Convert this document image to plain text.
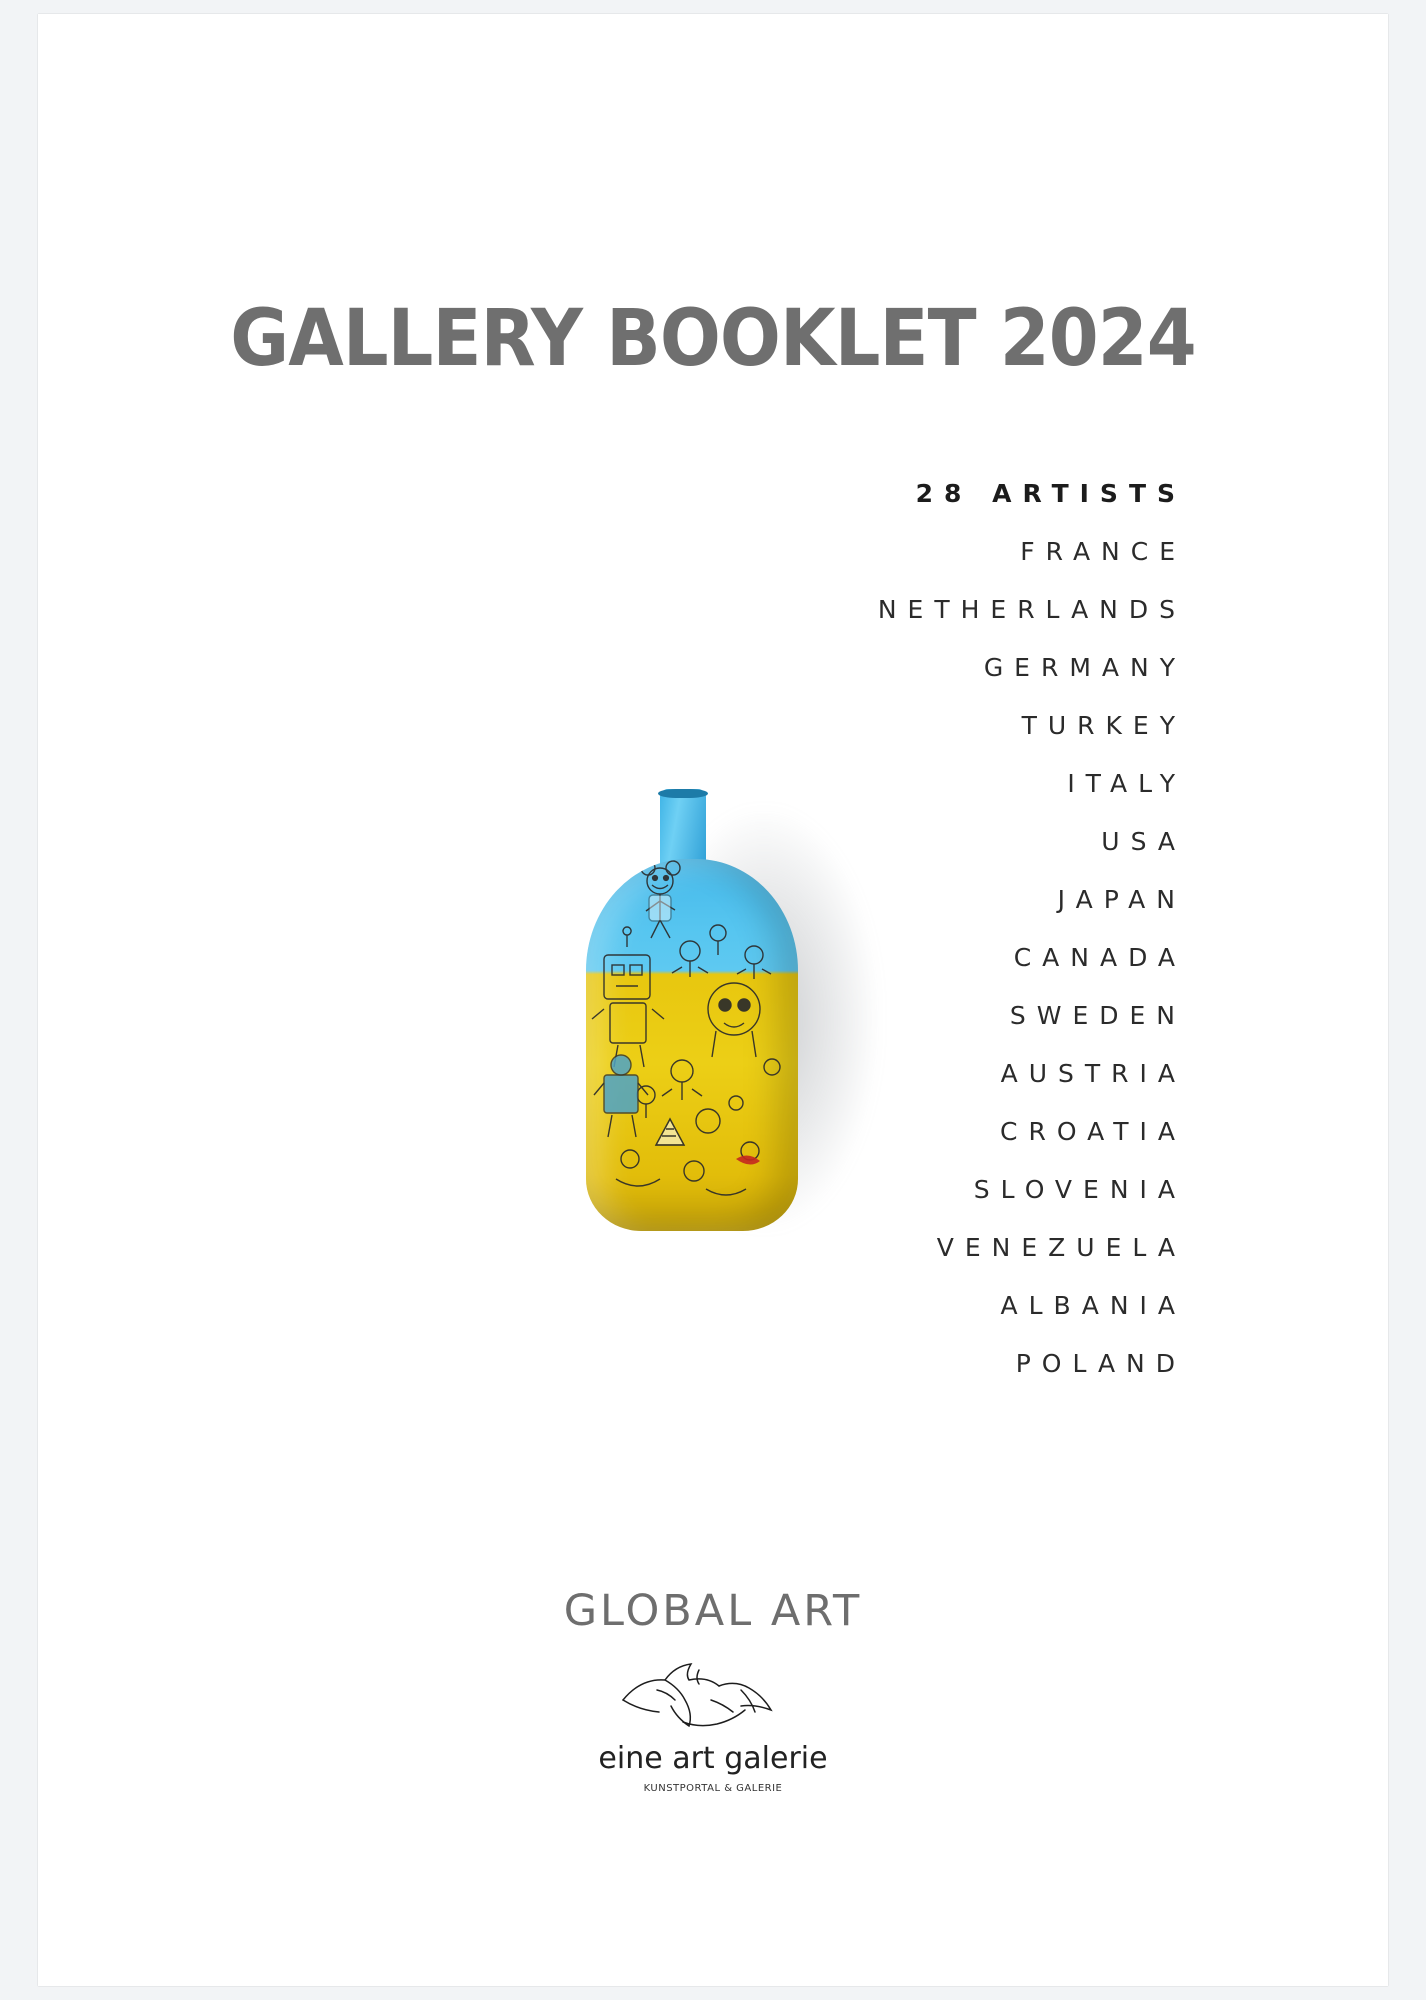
GALLERY BOOKLET 2024
28 ARTISTS
FRANCE
NETHERLANDS
GERMANY
TURKEY
ITALY
USA
JAPAN
CANADA
SWEDEN
AUSTRIA
CROATIA
SLOVENIA
VENEZUELA
ALBANIA
POLAND
GLOBAL ART
eine art galerie
KUNSTPORTAL & GALERIE
